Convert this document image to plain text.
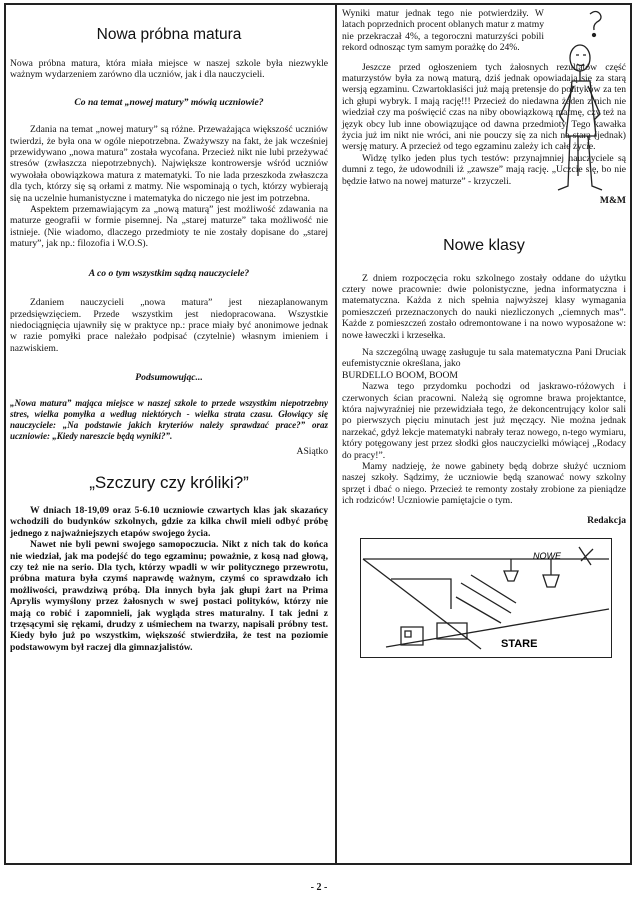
Nowa próbna matura

Nowa próbna matura, która miała miejsce w naszej szkole była niezwykle ważnym wydarzeniem zarówno dla uczniów, jak i dla nauczycieli.

Co na temat „nowej matury” mówią uczniowie?

Zdania na temat „nowej matury” są różne. Przeważająca większość uczniów twierdzi, że była ona w ogóle niepotrzebna. Zważywszy na fakt, że jak wcześniej przewidywano „nowa matura” została wycofana. Przecież nikt nie lubi przeżywać stresów (zwłaszcza niepotrzebnych). Największe kontrowersje wśród uczniów wywołała obowiązkowa matura z matematyki. To nie lada przeszkoda zwłaszcza dla tych, którzy się są orłami z matmy. Nie wspominają o tych, którzy wybierają się na uczelnie humanistyczne i matematyka do niczego nie jest im potrzebna.

Aspektem przemawiającym za „nową maturą” jest możliwość zdawania na maturze geografii w formie pisemnej. Na „starej maturze” taka możliwość nie istnieje. (Nie wiadomo, dlaczego przedmioty te nie zostały dopisane do „starej matury”, jak np.: filozofia i W.O.S).

A co o tym wszystkim sądzą nauczyciele?

Zdaniem nauczycieli „nowa matura” jest niezaplanowanym przedsięwzięciem. Przede wszystkim jest niedopracowana. Wszystkie niedociągnięcia ujawniły się w praktyce np.: prace miały być anonimowe jednak w razie pomyłki prace należało podpisać (czytelnie) własnym imieniem i nazwiskiem.

Podsumowując...

„Nowa matura” mająca miejsce w naszej szkole to przede wszystkim niepotrzebny stres, wielka pomyłka a według niektórych - wielka strata czasu. Głowiący się nauczyciele: „Na podstawie jakich kryteriów należy sprawdzać prace?” oraz uczniowie: „Kiedy nareszcie będą wyniki?”.

ASiątko

„Szczury czy króliki?”

W dniach 18-19,09 oraz 5-6.10 uczniowie czwartych klas jak skazańcy wchodzili do budynków szkolnych, gdzie za kilka chwil mieli odbyć próbę jednego z najważniejszych etapów swojego życia.

Nawet nie byli pewni swojego samopoczucia. Nikt z nich tak do końca nie wiedział, jak ma podejść do tego egzaminu; poważnie, z kosą nad głową, czy też nie na serio. Dla tych, którzy wpadli w wir politycznego przewrotu, próbna matura była czymś naprawdę ważnym, czymś co sprawdzało ich możliwości, prawdziwą próbą. Dla innych była jak głupi żart na Prima Aprylis wymyślony przez żałosnych w swej postaci polityków, którzy nie mają co robić i zapomnieli, jak wygląda stres maturalny. I tak jedni z trzęsącymi się rękami, drudzy z uśmiechem na twarzy, napisali próbny test. Kiedy było już po wszystkim, większość stwierdziła, że test na poziomie podstawowym był raczej dla gimnazjalistów.

Wyniki matur jednak tego nie potwierdziły. W latach poprzednich procent oblanych matur z matmy nie przekraczał 4%, a tegoroczni maturzyści pobili rekord odnosząc tym samym porażkę do 24%.

Jeszcze przed ogłoszeniem tych żałosnych rezultatów część maturzystów była za nową maturą, dziś jednak opowiadają się za starą wersją egzaminu. Czwartoklasiści już mają pretensje do polityków za ten ich głupi wybryk. I mają rację!!! Przecież do niedawna żaden z nich nie wiedział czy ma poświęcić czas na niby obowiązkową matmę, czy też na język obcy lub inne obowiązujące od dawna przedmioty. Tego kawałka życia już im nikt nie wróci, ani nie pouczy się za nich na starą (jednak) wersję matury. A przecież od tego egzaminu zależy ich całe życie.

Widzę tylko jeden plus tych testów: przynajmniej nauczyciele są dumni z tego, że udowodnili iż „zawsze” mają rację. „Uczcie się, bo nie będzie łatwo na nowej maturze” - krzyczeli.

M&M

Nowe klasy

Z dniem rozpoczęcia roku szkolnego zostały oddane do użytku cztery nowe pracownie: dwie polonistyczne, jedna informatyczna i matematyczna. Każda z nich spełnia najwyższej klasy wymagania pomieszczeń przeznaczonych do nauki niezliczonych „ciemnych mas”. Każde z pomieszczeń zostało odremontowane i na nowo wyposażone w: nowe ławeczki i krzesełka.

Na szczególną uwagę zasługuje tu sala matematyczna Pani Druciak eufemistycznie określana, jako

BURDELLO BOOM, BOOM

Nazwa tego przydomku pochodzi od jaskrawo-różowych i czerwonych ścian pracowni. Należą się ogromne brawa projektantce, która najwyraźniej nie przewidziała tego, że dekoncentrujący kolor sali po pierwszych pięciu minutach jest już męczący. Nie można jednak narzekać, gdyż lekcje matematyki nabrały teraz nowego, n-tego wymiaru, który potęgowany jest przez słodki głos nauczycielki mówiącej „Rodacy do pracy!”.

Mamy nadzieję, że nowe gabinety będą dobrze służyć uczniom naszej szkoły. Sądzimy, że uczniowie będą szanować nowy szkolny sprzęt i dbać o niego. Przecież te remonty zostały zrobione za pieniądze ich rodziców! Uczniowie pamiętajcie o tym.

Redakcja

NOWE
STARE
- 2 -
